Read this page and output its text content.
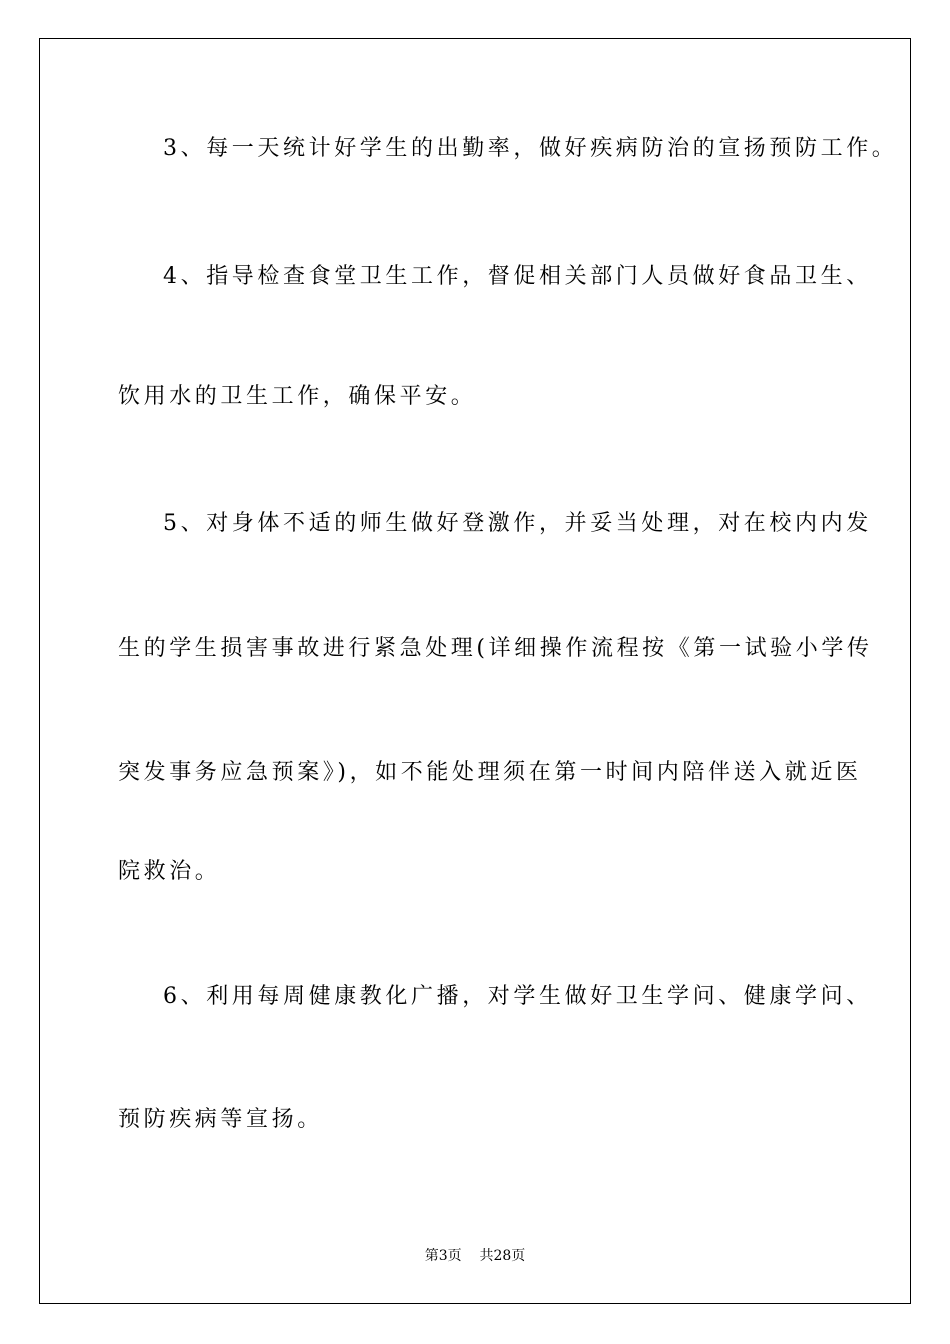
3、每一天统计好学生的出勤率，做好疾病防治的宣扬预防工作。
4、指导检查食堂卫生工作，督促相关部门人员做好食品卫生、
饮用水的卫生工作，确保平安。
5、对身体不适的师生做好登激作，并妥当处理，对在校内内发
生的学生损害事故进行紧急处理(详细操作流程按《第一试验小学传
突发事务应急预案》)，如不能处理须在第一时间内陪伴送入就近医
院救治。
6、利用每周健康教化广播，对学生做好卫生学问、健康学问、
预防疾病等宣扬。
第3页 共28页
